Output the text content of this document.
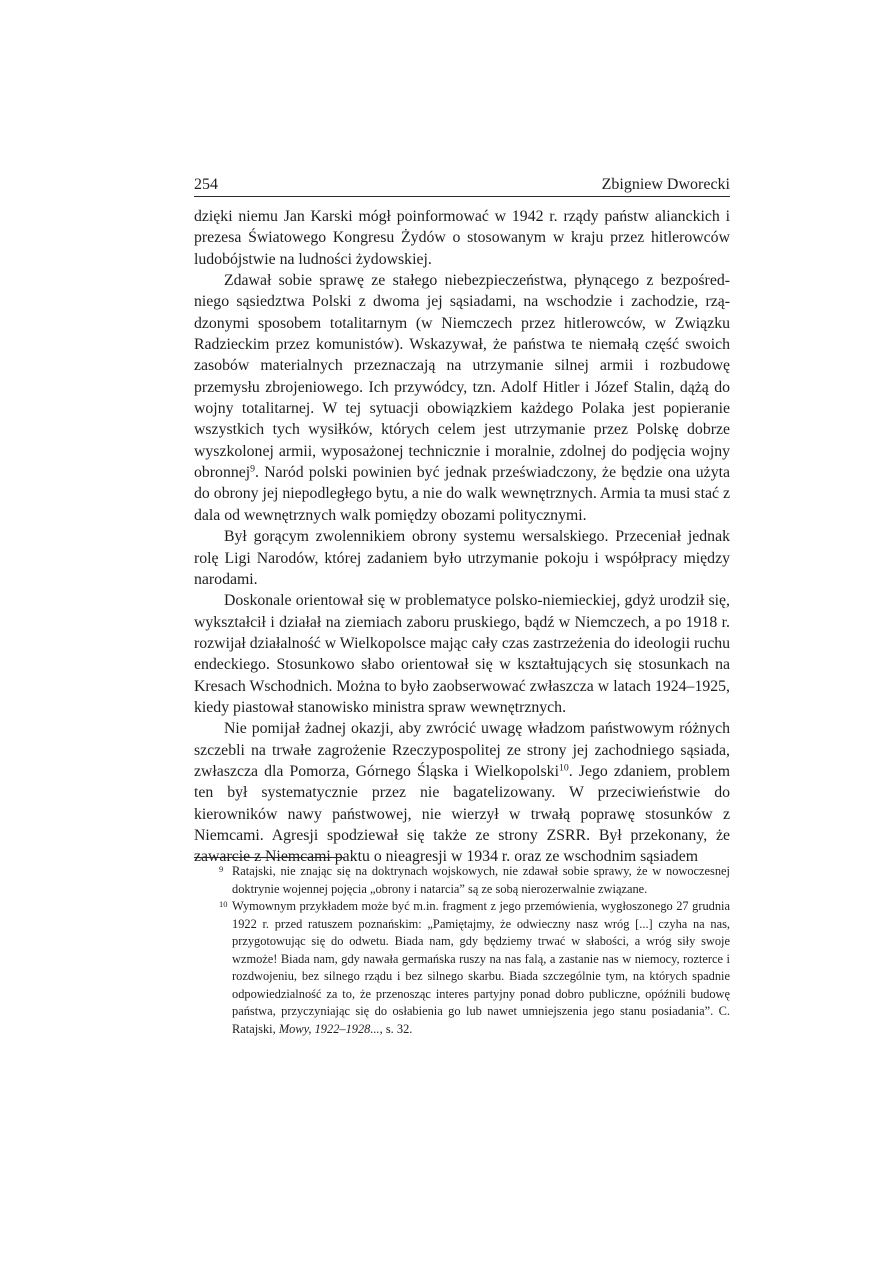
254	Zbigniew Dworecki

dzięki niemu Jan Karski mógł poinformować w 1942 r. rządy państw alianckich i prezesa Światowego Kongresu Żydów o stosowanym w kraju przez hitlerowców ludobójstwie na ludności żydowskiej.

Zdawał sobie sprawę ze stałego niebezpieczeństwa, płynącego z bezpośredniego sąsiedztwa Polski z dwoma jej sąsiadami, na wschodzie i zachodzie, rządzonymi sposobem totalitarnym (w Niemczech przez hitlerowców, w Związku Radzieckim przez komunistów). Wskazywał, że państwa te niemałą część swoich zasobów materialnych przeznaczają na utrzymanie silnej armii i rozbudowę przemysłu zbrojeniowego. Ich przywódcy, tzn. Adolf Hitler i Józef Stalin, dążą do wojny totalitarnej. W tej sytuacji obowiązkiem każdego Polaka jest popieranie wszystkich tych wysiłków, których celem jest utrzymanie przez Polskę dobrze wyszkolonej armii, wyposażonej technicznie i moralnie, zdolnej do podjęcia wojny obronnej$^9$. Naród polski powinien być jednak przeświadczony, że będzie ona użyta do obrony jej niepodległego bytu, a nie do walk wewnętrznych. Armia ta musi stać z dala od wewnętrznych walk pomiędzy obozami politycznymi.

Był gorącym zwolennikiem obrony systemu wersalskiego. Przeceniał jednak rolę Ligi Narodów, której zadaniem było utrzymanie pokoju i współpracy między narodami.

Doskonale orientował się w problematyce polsko-niemieckiej, gdyż urodził się, wykształcił i działał na ziemiach zaboru pruskiego, bądź w Niemczech, a po 1918 r. rozwijał działalność w Wielkopolsce mając cały czas zastrzeżenia do ideologii ruchu endeckiego. Stosunkowo słabo orientował się w kształtujących się stosunkach na Kresach Wschodnich. Można to było zaobserwować zwłaszcza w latach 1924–1925, kiedy piastował stanowisko ministra spraw wewnętrznych.

Nie pomijał żadnej okazji, aby zwrócić uwagę władzom państwowym różnych szczebli na trwałe zagrożenie Rzeczypospolitej ze strony jej zachodniego sąsiada, zwłaszcza dla Pomorza, Górnego Śląska i Wielkopolski$^{10}$. Jego zdaniem, problem ten był systematycznie przez nie bagatelizowany. W przeciwieństwie do kierowników nawy państwowej, nie wierzył w trwałą poprawę stosunków z Niemcami. Agresji spodziewał się także ze strony ZSRR. Był przekonany, że zawarcie z Niemcami paktu o nieagresji w 1934 r. oraz ze wschodnim sąsiadem

9 Ratajski, nie znając się na doktrynach wojskowych, nie zdawał sobie sprawy, że w nowoczesnej doktrynie wojennej pojęcia „obrony i natarcia” są ze sobą nierozerwalnie związane.

10 Wymownym przykładem może być m.in. fragment z jego przemówienia, wygłoszonego 27 grudnia 1922 r. przed ratuszem poznańskim: „Pamiętajmy, że odwieczny nasz wróg [...] czyha na nas, przygotowując się do odwetu. Biada nam, gdy będziemy trwać w słabości, a wróg siły swoje wzmoże! Biada nam, gdy nawała germańska ruszy na nas falą, a zastanie nas w niemocy, rozterce i rozdwojeniu, bez silnego rządu i bez silnego skarbu. Biada szczególnie tym, na których spadnie odpowiedzialność za to, że przenosząc interes partyjny ponad dobro publiczne, opóźnili budowę państwa, przyczyniając się do osłabienia go lub nawet umniejszenia jego stanu posiadania”. C. Ratajski, Mowy, 1922–1928..., s. 32.
